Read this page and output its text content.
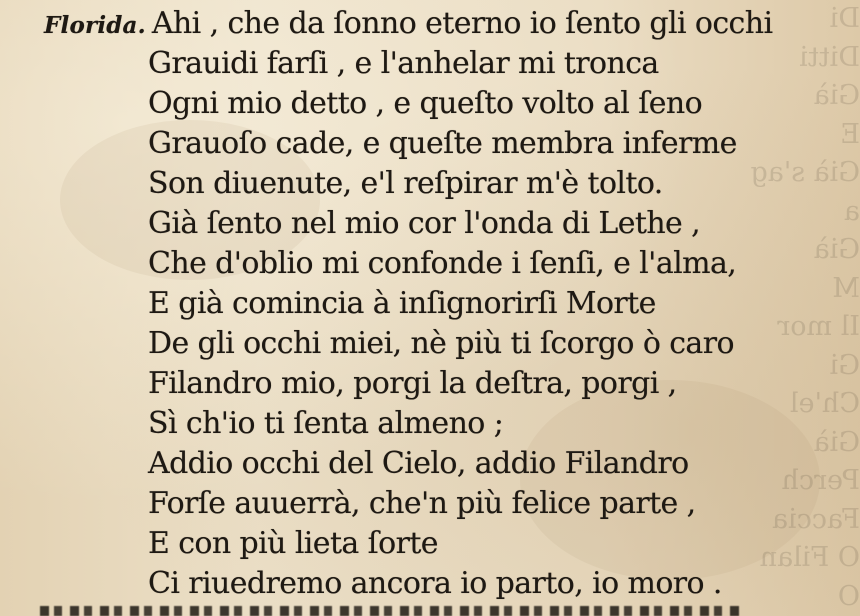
Di
Ditti
Già
E
Già s'ag
a
Già
M
Il mor
Gi
Ch'el
Già
Perch
Faccia
O Filan
O
Florida. Ahi , che da ſonno eterno io ſento gli occhi
Grauidi farſi , e l'anhelar mi tronca
Ogni mio detto , e queſto volto al ſeno
Grauoſo cade, e queſte membra inferme
Son diuenute, e'l reſpirar m'è tolto.
Già ſento nel mio cor l'onda di Lethe ,
Che d'oblio mi confonde i ſenſi, e l'alma,
E già comincia à inſignorirſi Morte
De gli occhi miei, nè più ti ſcorgo ò caro
Filandro mio, porgi la deſtra, porgi ,
Sì ch'io ti ſenta almeno ;
Addio occhi del Cielo, addio Filandro
Forſe auuerrà, che'n più felice parte ,
E con più lieta ſorte
Ci riuedremo ancora io parto, io moro .
